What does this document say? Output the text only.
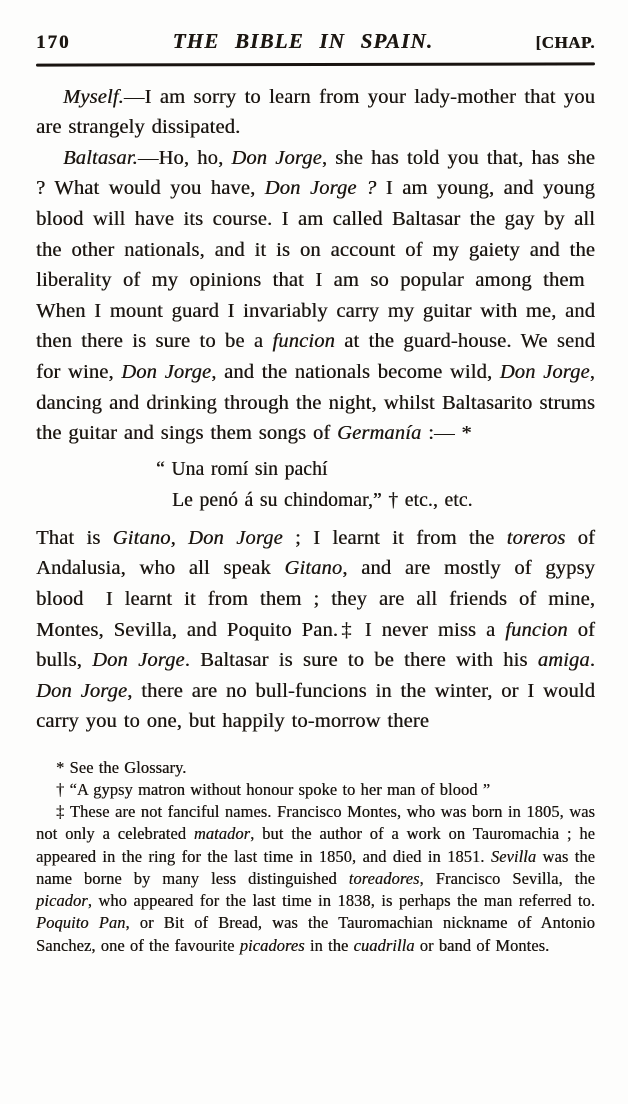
170	THE BIBLE IN SPAIN.	[CHAP.

Myself.—I am sorry to learn from your lady-mother that you are strangely dissipated.

Baltasar.—Ho, ho, Don Jorge, she has told you that, has she ? What would you have, Don Jorge ? I am young, and young blood will have its course. I am called Baltasar the gay by all the other nationals, and it is on account of my gaiety and the liberality of my opinions that I am so popular among them When I mount guard I invariably carry my guitar with me, and then there is sure to be a funcion at the guard-house. We send for wine, Don Jorge, and the nationals become wild, Don Jorge, dancing and drinking through the night, whilst Baltasarito strums the guitar and sings them songs of Germanía :— *

“ Una romí sin pachí
Le penó á su chindomar,” † etc., etc.

That is Gitano, Don Jorge ; I learnt it from the toreros of Andalusia, who all speak Gitano, and are mostly of gypsy blood  I learnt it from them ; they are all friends of mine, Montes, Sevilla, and Poquito Pan.‡ I never miss a funcion of bulls, Don Jorge. Baltasar is sure to be there with his amiga. Don Jorge, there are no bull-funcions in the winter, or I would carry you to one, but happily to-morrow there

* See the Glossary.

† “A gypsy matron without honour spoke to her man of blood ”

‡ These are not fanciful names. Francisco Montes, who was born in 1805, was not only a celebrated matador, but the author of a work on Tauromachia ; he appeared in the ring for the last time in 1850, and died in 1851. Sevilla was the name borne by many less distinguished toreadores, Francisco Sevilla, the picador, who appeared for the last time in 1838, is perhaps the man referred to. Poquito Pan, or Bit of Bread, was the Tauromachian nickname of Antonio Sanchez, one of the favourite picadores in the cuadrilla or band of Montes.
